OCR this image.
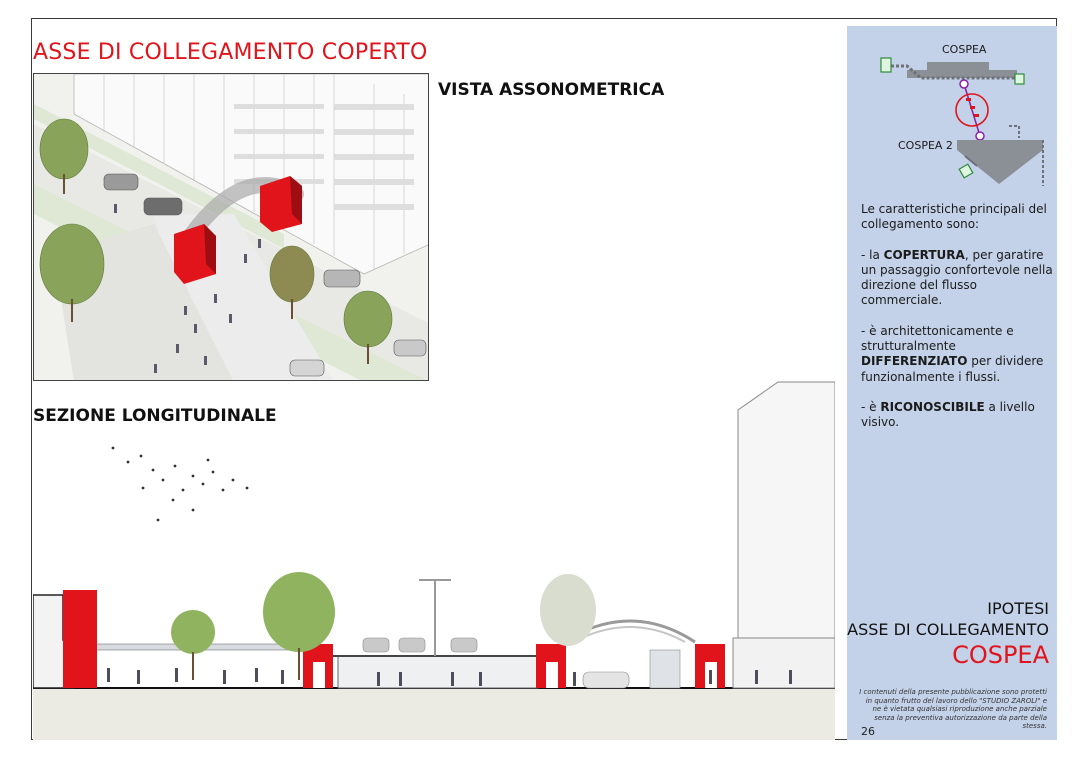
ASSE DI COLLEGAMENTO COPERTO
VISTA ASSONOMETRICA
SEZIONE LONGITUDINALE
COSPEA
COSPEA 2

Le caratteristiche principali del collegamento sono:

- la COPERTURA, per garatire un passaggio confortevole nella direzione del flusso commerciale.

- è architettonicamente e strutturalmente DIFFERENZIATO per dividere funzionalmente i flussi.

- è RICONOSCIBILE a livello visivo.

IPOTESI
ASSE DI COLLEGAMENTO
COSPEA
I contenuti della presente pubblicazione sono protetti in quanto frutto del lavoro dello "STUDIO ZAROLI" e ne è vietata qualsiasi riproduzione anche parziale senza la preventiva autorizzazione da parte della stessa.
26
